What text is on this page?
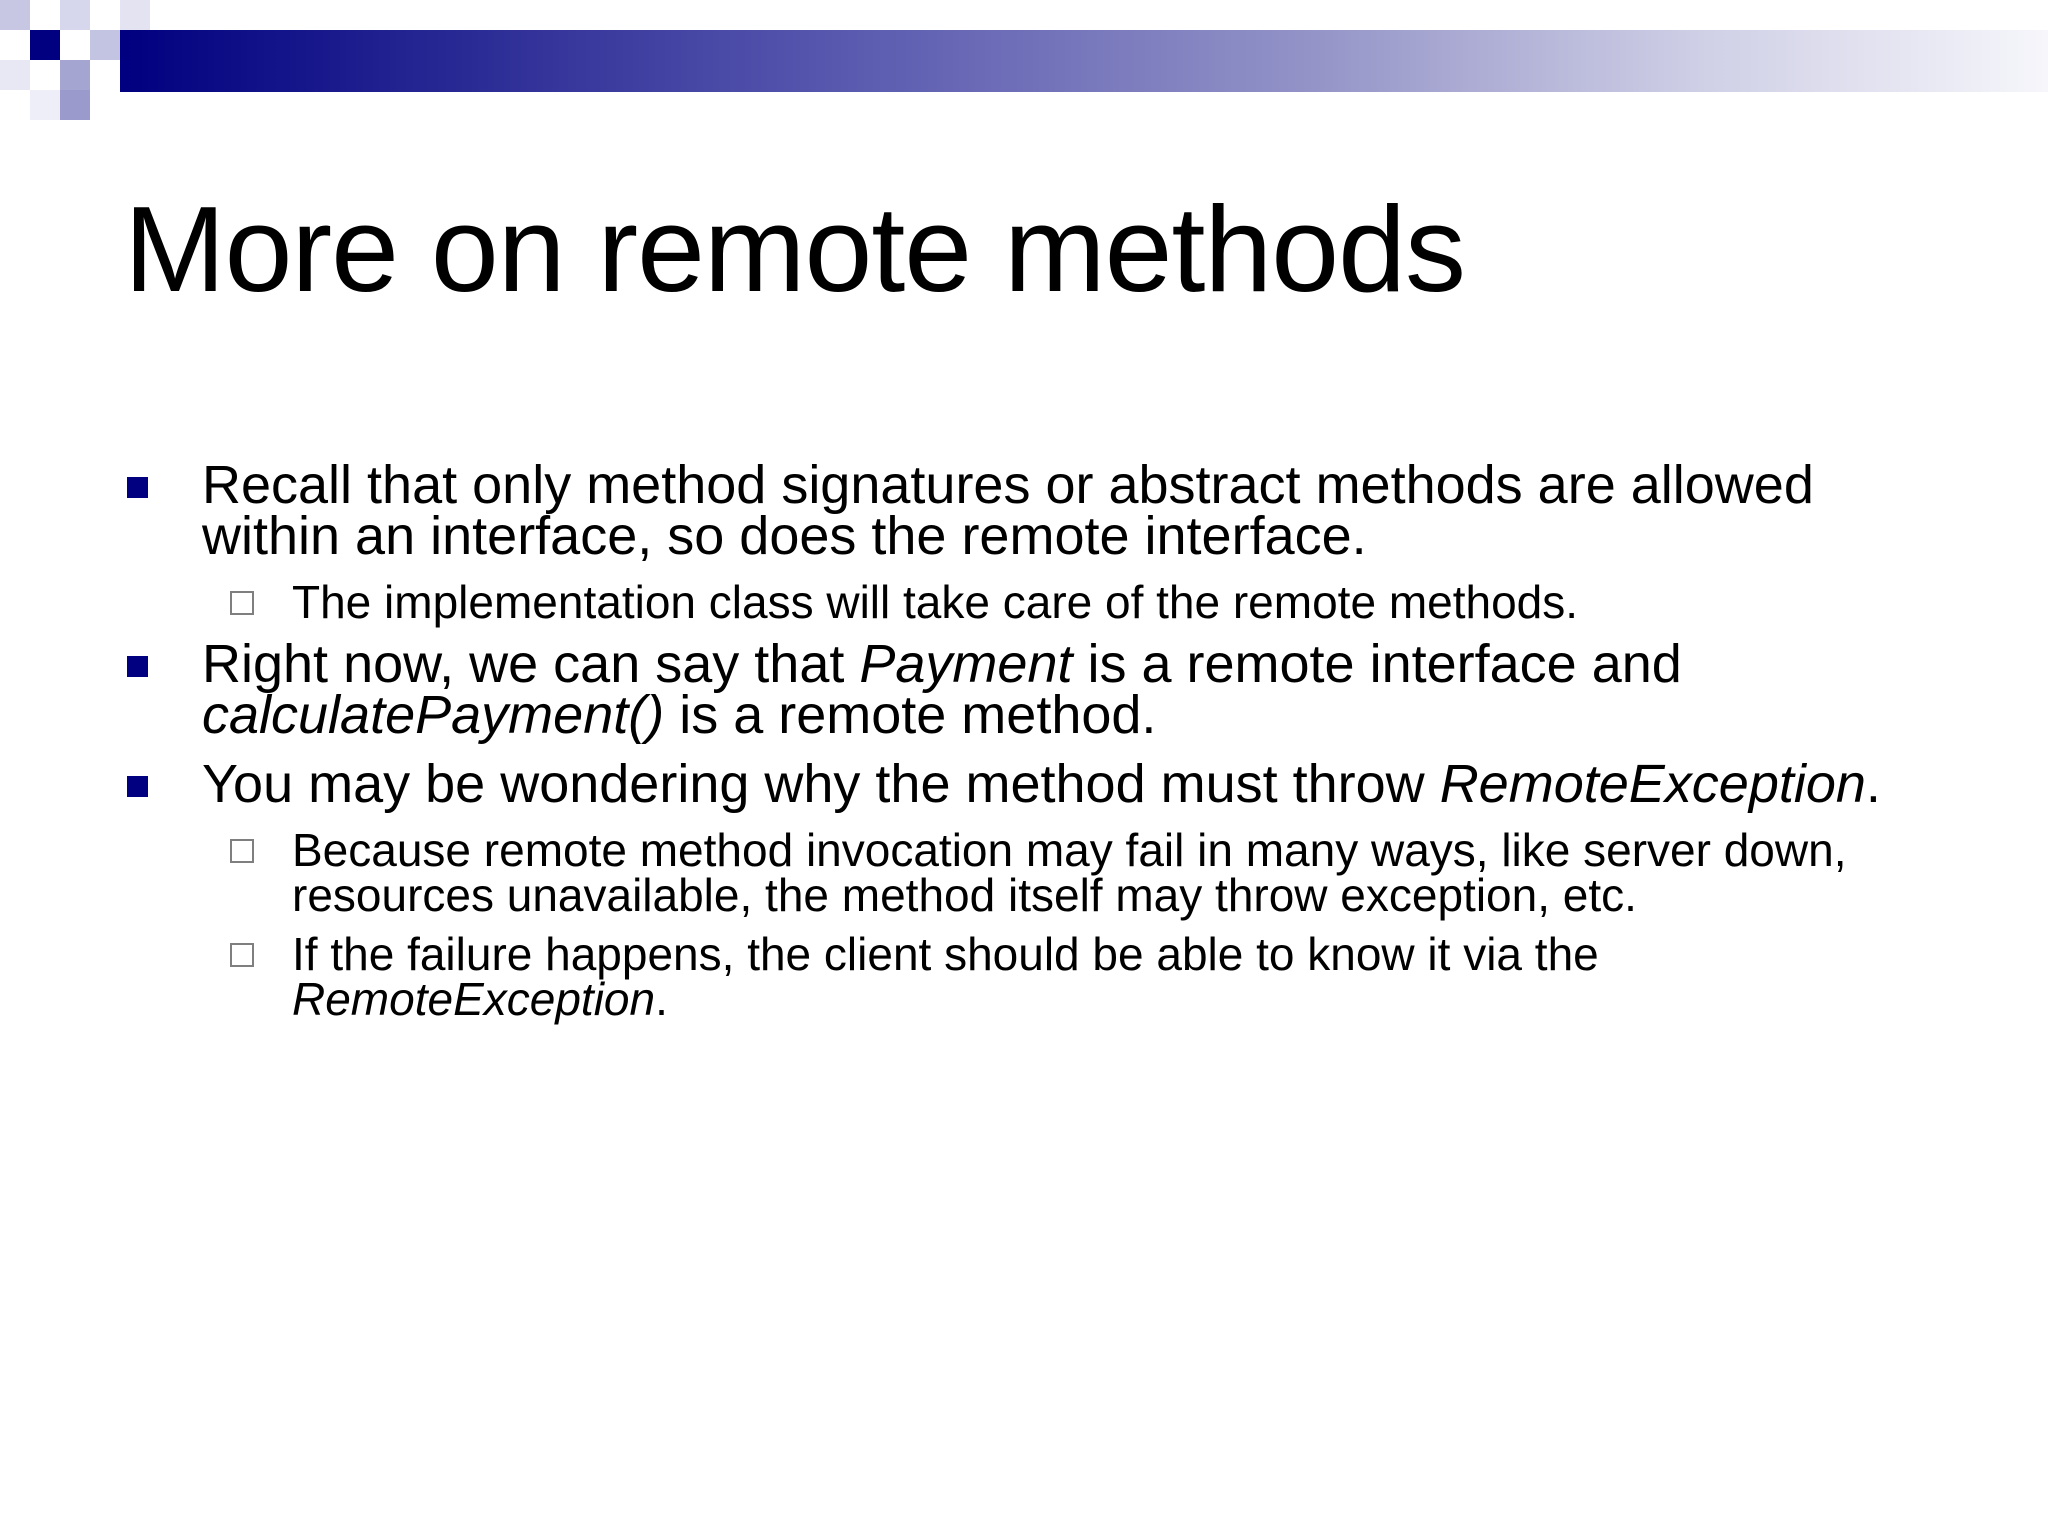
More on remote methods
Recall that only method signatures or abstract methods are allowed within an interface, so does the remote interface.
The implementation class will take care of the remote methods.
Right now, we can say that Payment is a remote interface and calculatePayment() is a remote method.
You may be wondering why the method must throw RemoteException.
Because remote method invocation may fail in many ways, like server down, resources unavailable, the method itself may throw exception, etc.
If the failure happens, the client should be able to know it via the RemoteException.
